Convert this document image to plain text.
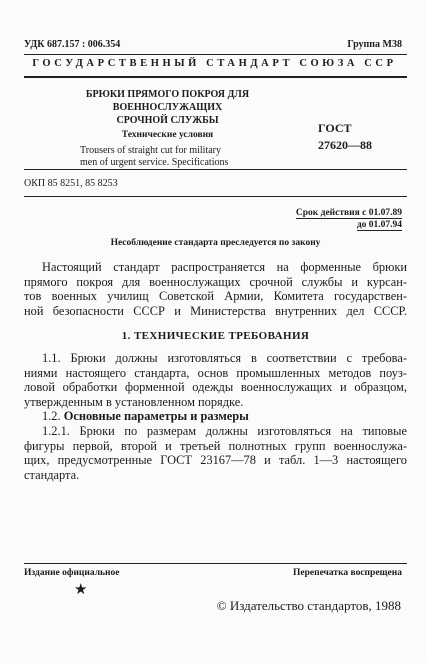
УДК 687.157 : 006.354	Группа М38
ГОСУДАРСТВЕННЫЙ СТАНДАРТ СОЮЗА ССР
БРЮКИ ПРЯМОГО ПОКРОЯ ДЛЯ
ВОЕННОСЛУЖАЩИХ
СРОЧНОЙ СЛУЖБЫ
Технические условия
Trousers of straight cut for military
men of urgent service. Specifications
ГОСТ
27620—88
ОКП 85 8251, 85 8253
Срок действия с 01.07.89
до 01.07.94
Несоблюдение стандарта преследуется по закону
Настоящий стандарт распространяется на форменные брюки
прямого покроя для военнослужащих срочной службы и курсан-
тов военных училищ Советской Армии, Комитета государствен-
ной безопасности СССР и Министерства внутренних дел СССР.
1. ТЕХНИЧЕСКИЕ ТРЕБОВАНИЯ
1.1. Брюки должны изготовляться в соответствии с требова-
ниями настоящего стандарта, основ промышленных методов поуз-
ловой обработки форменной одежды военнослужащих и образцом,
утвержденным в установленном порядке.
1.2. Основные параметры и размеры
1.2.1. Брюки по размерам должны изготовляться на типовые
фигуры первой, второй и третьей полнотных групп военнослужа-
щих, предусмотренные ГОСТ 23167—78 и табл. 1—3 настоящего
стандарта.
Издание официальное	Перепечатка воспрещена
★
© Издательство стандартов, 1988
